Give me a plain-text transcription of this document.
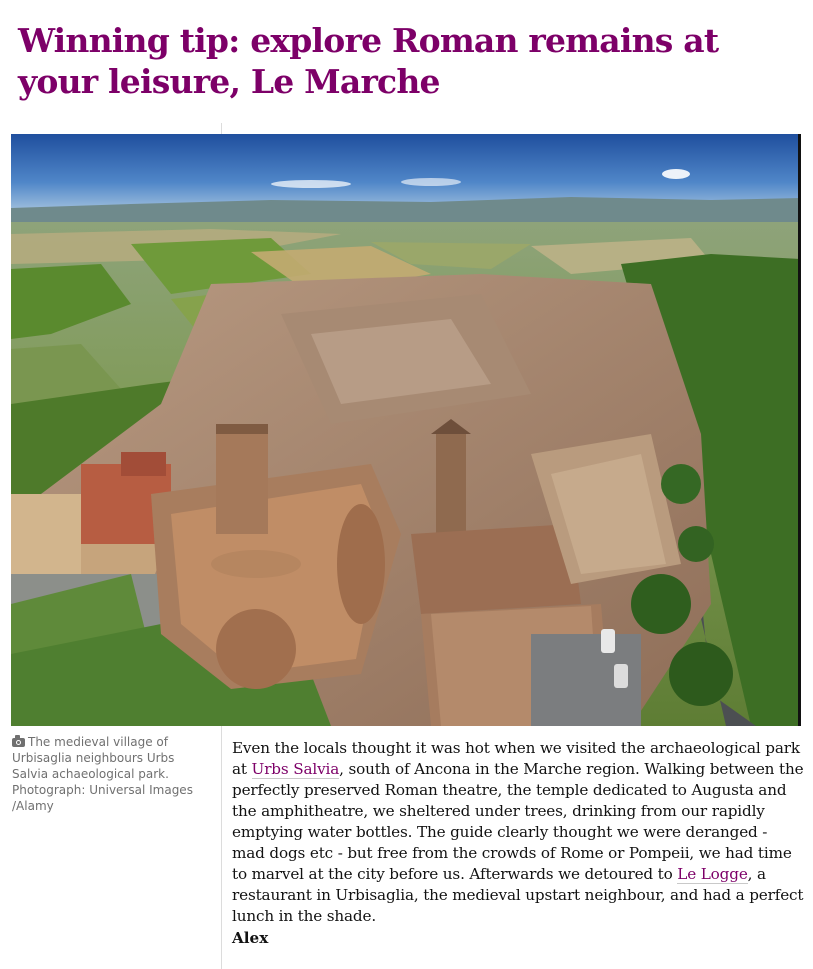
Winning tip: explore Roman remains at your leisure, Le Marche
The medieval village of Urbisaglia neighbours Urbs Salvia achaeological park. Photograph: Universal Images /Alamy

Even the locals thought it was hot when we visited the archaeological park at Urbs Salvia, south of Ancona in the Marche region. Walking between the perfectly preserved Roman theatre, the temple dedicated to Augusta and the amphitheatre, we sheltered under trees, drinking from our rapidly emptying water bottles. The guide clearly thought we were deranged - mad dogs etc - but free from the crowds of Rome or Pompeii, we had time to marvel at the city before us. Afterwards we detoured to Le Logge, a restaurant in Urbisaglia, the medieval upstart neighbour, and had a perfect lunch in the shade.

Alex
